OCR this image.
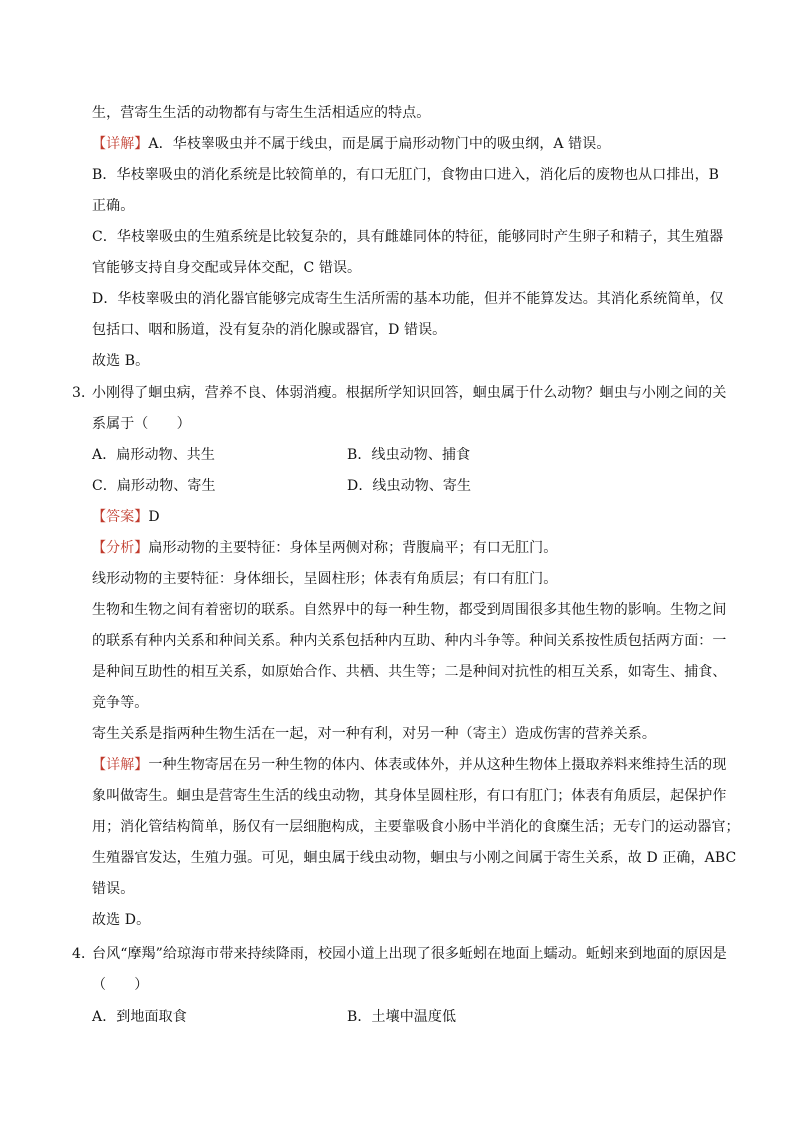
生，营寄生生活的动物都有与寄生生活相适应的特点。
【详解】A．华枝睾吸虫并不属于线虫，而是属于扁形动物门中的吸虫纲，A 错误。
B．华枝睾吸虫的消化系统是比较简单的，有口无肛门，食物由口进入，消化后的废物也从口排出，B
正确。
C．华枝睾吸虫的生殖系统是比较复杂的，具有雌雄同体的特征，能够同时产生卵子和精子，其生殖器
官能够支持自身交配或异体交配，C 错误。
D．华枝睾吸虫的消化器官能够完成寄生生活所需的基本功能，但并不能算发达。其消化系统简单，仅
包括口、咽和肠道，没有复杂的消化腺或器官，D 错误。
故选 B。
3．
小刚得了蛔虫病，营养不良、体弱消瘦。根据所学知识回答，蛔虫属于什么动物？蛔虫与小刚之间的关
系属于（　　）
A．扁形动物、共生	B．线虫动物、捕食
C．扁形动物、寄生	D．线虫动物、寄生
【答案】D
【分析】扁形动物的主要特征：身体呈两侧对称；背腹扁平；有口无肛门。
线形动物的主要特征：身体细长，呈圆柱形；体表有角质层；有口有肛门。
生物和生物之间有着密切的联系。自然界中的每一种生物，都受到周围很多其他生物的影响。生物之间
的联系有种内关系和种间关系。种内关系包括种内互助、种内斗争等。种间关系按性质包括两方面：一
是种间互助性的相互关系，如原始合作、共栖、共生等；二是种间对抗性的相互关系，如寄生、捕食、
竞争等。
寄生关系是指两种生物生活在一起，对一种有利，对另一种（寄主）造成伤害的营养关系。
【详解】一种生物寄居在另一种生物的体内、体表或体外，并从这种生物体上摄取养料来维持生活的现
象叫做寄生。蛔虫是营寄生生活的线虫动物，其身体呈圆柱形，有口有肛门；体表有角质层，起保护作
用；消化管结构简单，肠仅有一层细胞构成，主要靠吸食小肠中半消化的食糜生活；无专门的运动器官；
生殖器官发达，生殖力强。可见，蛔虫属于线虫动物，蛔虫与小刚之间属于寄生关系，故 D 正确，ABC
错误。
故选 D。
4．
台风“摩羯”给琼海市带来持续降雨，校园小道上出现了很多蚯蚓在地面上蠕动。蚯蚓来到地面的原因是
（　　）
A．到地面取食	B．土壤中温度低
